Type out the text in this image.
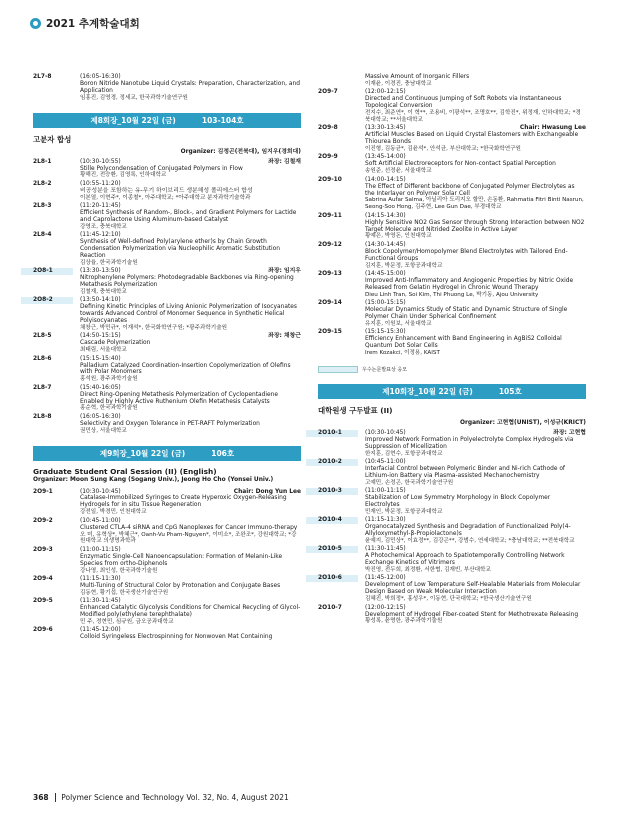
2021 추계학술대회
2L7-8	(16:05-16:30)
Boron Nitride Nanotube Liquid Crystals: Preparation, Characterization, and Application
임홍진, 김영경, 정세교, 한국과학기술연구원
제8회장_10월 22일 (금)	103-104호
고분자 합성
Organizer: 김정곤(전북대), 임지우(경희대)
2L8-1	(10:30-10:55)	좌장: 김철재
Stille Polycondensation of Conjugated Polymers in Flow
황해진, 전승환, 김영록, 인하대학교
2L8-2	(10:55-11:20)
비공성분을 포함하는 유-무기 하이브리드 생분해성 폴리에스터 합성
이본열, 이현주*, 이종철*, 아주대학교; *아주대학교 분자과학기술학과
2L8-3	(11:20-11:45)
Efficient Synthesis of Random-, Block-, and Gradient Polymers for Lactide and Caprolactone Using Aluminum-based Catalyst
강영조, 충북대학교
2L8-4	(11:45-12:10)
Synthesis of Well-defined Poly(arylene ether)s by Chain Growth Condensation Polymerization via Nucleophilic Aromatic Substitution Reaction
김상율, 한국과학기술원
2O8-1	(13:30-13:50)	좌장: 임지우
Nitrophenylene Polymers: Photodegradable Backbones via Ring-opening Metathesis Polymerization
김철재, 충북대학교
2O8-2	(13:50-14:10)
Defining Kinetic Principles of Living Anionic Polymerization of Isocyanates towards Advanced Control of Monomer Sequence in Synthetic Helical Polyisocyanates
채창근, 박민규*, 이재석*, 한국화학연구원; *광주과학기술원
2L8-5	(14:50-15:15)	좌장: 채창근
Cascade Polymerization
최태림, 서울대학교
2L8-6	(15:15-15:40)
Palladium Catalyzed Coordination-Insertion Copolymerization of Olefins with Polar Monomers
홍석원, 광주과학기술원
2L8-7	(15:40-16:05)
Direct Ring-Opening Metathesis Polymerization of Cyclopentadiene Enabled by Highly Active Ruthenium Olefin Metathesis Catalysts
홍순혁, 한국과학기술원
2L8-8	(16:05-16:30)
Selectivity and Oxygen Tolerance in PET-RAFT Polymerization
권민상, 서울대학교
제9회장_10월 22일 (금)	106호
Graduate Student Oral Session (II) (English)
Organizer: Moon Sung Kang (Sogang Univ.), Jeong Ho Cho (Yonsei Univ.)
2O9-1	(10:30-10:45)	Chair: Dong Yun Lee
Catalase-Immobilized Syringes to Create Hyperoxic Oxygen-Releasing Hydrogels for in situ Tissue Regeneration
강전일, 박경민, 인천대학교
2O9-2	(10:45-11:00)
Clustered CTLA-4 siRNA and CpG Nanoplexes for Cancer Immuno-therapy
오 미, 유혁상*, 박혜근*, Oanh-Vu Pham-Nguyen*, 이미소*, 조완조*, 강원대학교; *강원대학교 의생명과학과
2O9-3	(11:00-11:15)
Enzymatic Single-Cell Nanoencapsulation: Formation of Melanin-Like Species from ortho-Diphenols
강나영, 최인성, 한국과학기술원
2O9-4	(11:15-11:30)
Multi-Tuning of Structural Color by Protonation and Conjugate Bases
김동현, 황기섭, 한국생산기술연구원
2O9-5	(11:30-11:45)
Enhanced Catalytic Glycolysis Conditions for Chemical Recycling of Glycol-Modified poly(ethylene terephthalate)
민 주, 정현민, 심규원, 금오공과대학교
2O9-6	(11:45-12:00)
Colloid Syringeless Electrospinning for Nonwoven Mat Containing
Massive Amount of Inorganic Fillers
이재윤, 이경진, 충남대학교
2O9-7	(12:00-12:15)
Directed and Continuous Jumping of Soft Robots via Instantaneous Topological Conversion
전지수, 최준연*, 이 혁**, 조용비, 이광석**, 조명호**, 김학진*, 위정재, 인하대학교; *경북대학교; **서울대학교
2O9-8	(13:30-13:45)	Chair: Hwasung Lee
Artificial Muscles Based on Liquid Crystal Elastomers with Exchangeable Thiourea Bonds
이진형, 김동균*, 김윤석*, 안석균, 부산대학교; *한국화학연구원
2O9-9	(13:45-14:00)
Soft Artificial Electroreceptors for Non-contact Spatial Perception
송원준, 선정윤, 서울대학교
2O9-10	(14:00-14:15)
The Effect of Different backbone of Conjugated Polymer Electrolytes as the Interlayer on Polymer Solar Cell
Sabrina Aufar Salma, 아닐리아 도리지오 할만, 손동환, Rahmatia Fitri Binti Nasrun, Seong-Soo Hong, 김주현, Lee Gun Dae, 부경대학교
2O9-11	(14:15-14:30)
Highly Sensitive NO2 Gas Sensor through Strong Interaction between NO2 Target Molecule and Nitrided Zeolite in Active Layer
황예은, 박영돈, 인천대학교
2O9-12	(14:30-14:45)
Block Copolymer/Homopolymer Blend Electrolytes with Tailored End-Functional Groups
김지훈, 박문정, 포항공과대학교
2O9-13	(14:45-15:00)
Improved Anti-Inflammatory and Angiogenic Properties by Nitric Oxide Released from Gelatin Hydrogel in Chronic Wound Therapy
Dieu Linh Tran, Soi Kim, Thi Phuong Le, 박기동, Ajou University
2O9-14	(15:00-15:15)
Molecular Dynamics Study of Static and Dynamic Structure of Single Polymer Chain Under Spherical Confinement
유지훈, 이원보, 서울대학교
2O9-15	(15:15-15:30)
Efficiency Enhancement with Band Engineering in AgBiS2 Colloidal Quantum Dot Solar Cells
Irem Kozakci, 이정용, KAIST
우수논문발표상 응모
제10회장_10월 22일 (금)	105호
대학원생 구두발표 (II)
Organizer: 고현협(UNIST), 이성규(KRICT)
2O10-1	(10:30-10:45)	좌장: 고현협
Improved Network Formation in Polyelectrolyte Complex Hydrogels via Suppression of Micellization
한지훈, 김현수, 포항공과대학교
2O10-2	(10:45-11:00)
Interfacial Control between Polymeric Binder and Ni-rich Cathode of Lithium-ion Battery via Plasma-assisted Mechanochemistry
고예민, 손정곤, 한국과학기술연구원
2O10-3	(11:00-11:15)
Stabilization of Low Symmetry Morphology in Block Copolymer Electrolytes
민재인, 박문정, 포항공과대학교
2O10-4	(11:15-11:30)
Organocatalyzed Synthesis and Degradation of Functionalized Poly(4-Allyloxymethyl-β-Propiolactone)s
윤예지, 김민상*, 이효정**, 김강곤**, 강범수, 연세대학교; *충남대학교; **전북대학교
2O10-5	(11:30-11:45)
A Photochemical Approach to Spatiotemporally Controlling Network Exchange Kinetics of Vitrimers
박진영, 전두희, 최정환, 서한협, 김재빈, 부산대학교
2O10-6	(11:45-12:00)
Development of Low Temperature Self-Healable Materials from Molecular Design Based on Weak Molecular Interaction
김혜진, 박희정*, 홍성우*, 이동현, 단국대학교; *한국생산기술연구원
2O10-7	(12:00-12:15)
Development of Hydrogel Fiber-coated Stent for Methotrexate Releasing
황성록, 윤명한, 광주과학기술원
368 Polymer Science and Technology Vol. 32, No. 4, August 2021
